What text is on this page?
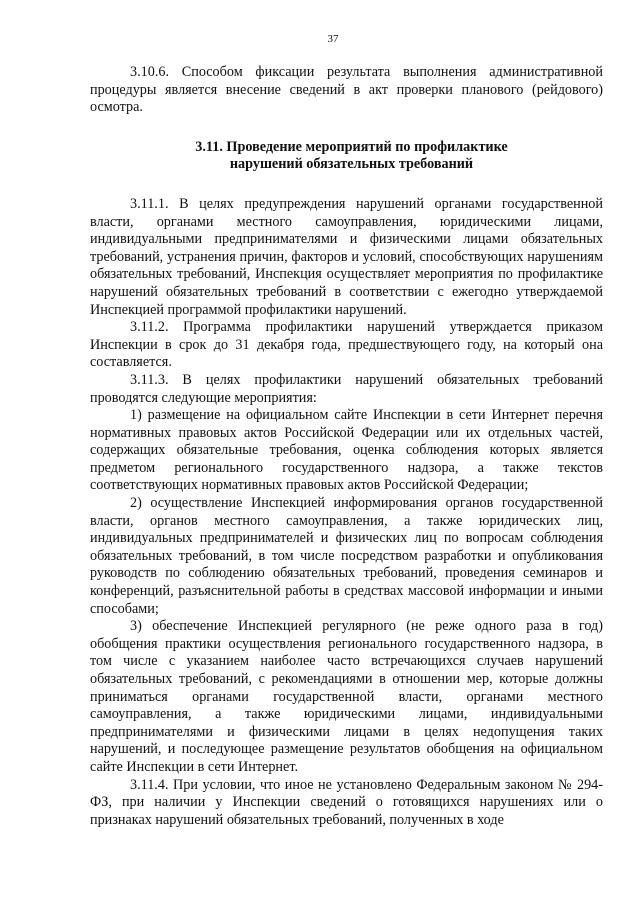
37

3.10.6. Способом фиксации результата выполнения административной процедуры является внесение сведений в акт проверки планового (рейдового) осмотра.

3.11. Проведение мероприятий по профилактике
нарушений обязательных требований

3.11.1. В целях предупреждения нарушений органами государственной власти, органами местного самоуправления, юридическими лицами, индивидуальными предпринимателями и физическими лицами обязательных требований, устранения причин, факторов и условий, способствующих нарушениям обязательных требований, Инспекция осуществляет мероприятия по профилактике нарушений обязательных требований в соответствии с ежегодно утверждаемой Инспекцией программой профилактики нарушений.

3.11.2. Программа профилактики нарушений утверждается приказом Инспекции в срок до 31 декабря года, предшествующего году, на который она составляется.

3.11.3. В целях профилактики нарушений обязательных требований проводятся следующие мероприятия:

1) размещение на официальном сайте Инспекции в сети Интернет перечня нормативных правовых актов Российской Федерации или их отдельных частей, содержащих обязательные требования, оценка соблюдения которых является предметом регионального государственного надзора, а также текстов соответствующих нормативных правовых актов Российской Федерации;

2) осуществление Инспекцией информирования органов государственной власти, органов местного самоуправления, а также юридических лиц, индивидуальных предпринимателей и физических лиц по вопросам соблюдения обязательных требований, в том числе посредством разработки и опубликования руководств по соблюдению обязательных требований, проведения семинаров и конференций, разъяснительной работы в средствах массовой информации и иными способами;

3) обеспечение Инспекцией регулярного (не реже одного раза в год) обобщения практики осуществления регионального государственного надзора, в том числе с указанием наиболее часто встречающихся случаев нарушений обязательных требований, с рекомендациями в отношении мер, которые должны приниматься органами государственной власти, органами местного самоуправления, а также юридическими лицами, индивидуальными предпринимателями и физическими лицами в целях недопущения таких нарушений, и последующее размещение результатов обобщения на официальном сайте Инспекции в сети Интернет.

3.11.4. При условии, что иное не установлено Федеральным законом № 294-ФЗ, при наличии у Инспекции сведений о готовящихся нарушениях или о признаках нарушений обязательных требований, полученных в ходе
